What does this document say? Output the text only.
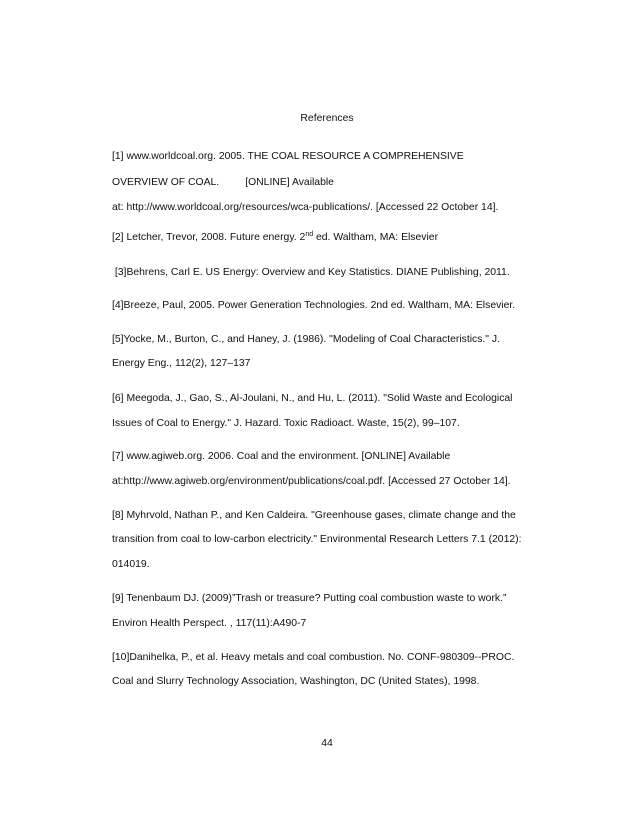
References
[1] www.worldcoal.org. 2005. THE COAL RESOURCE A COMPREHENSIVE
OVERVIEW OF COAL.	[ONLINE] Available
at: http://www.worldcoal.org/resources/wca-publications/. [Accessed 22 October 14].
[2] Letcher, Trevor, 2008. Future energy. 2nd ed. Waltham, MA: Elsevier
[3]Behrens, Carl E. US Energy: Overview and Key Statistics. DIANE Publishing, 2011.
[4]Breeze, Paul, 2005. Power Generation Technologies. 2nd ed. Waltham, MA: Elsevier.
[5]Yocke, M., Burton, C., and Haney, J. (1986). "Modeling of Coal Characteristics." J.
Energy Eng., 112(2), 127–137
[6] Meegoda, J., Gao, S., Al-Joulani, N., and Hu, L. (2011). "Solid Waste and Ecological
Issues of Coal to Energy." J. Hazard. Toxic Radioact. Waste, 15(2), 99–107.
[7] www.agiweb.org. 2006. Coal and the environment. [ONLINE] Available
at:http://www.agiweb.org/environment/publications/coal.pdf. [Accessed 27 October 14].
[8] Myhrvold, Nathan P., and Ken Caldeira. "Greenhouse gases, climate change and the
transition from coal to low-carbon electricity." Environmental Research Letters 7.1 (2012):
014019.
[9] Tenenbaum DJ. (2009)”Trash or treasure? Putting coal combustion waste to work.”
Environ Health Perspect. , 117(11):A490-7
[10]Danihelka, P., et al. Heavy metals and coal combustion. No. CONF-980309--PROC.
Coal and Slurry Technology Association, Washington, DC (United States), 1998.
44
